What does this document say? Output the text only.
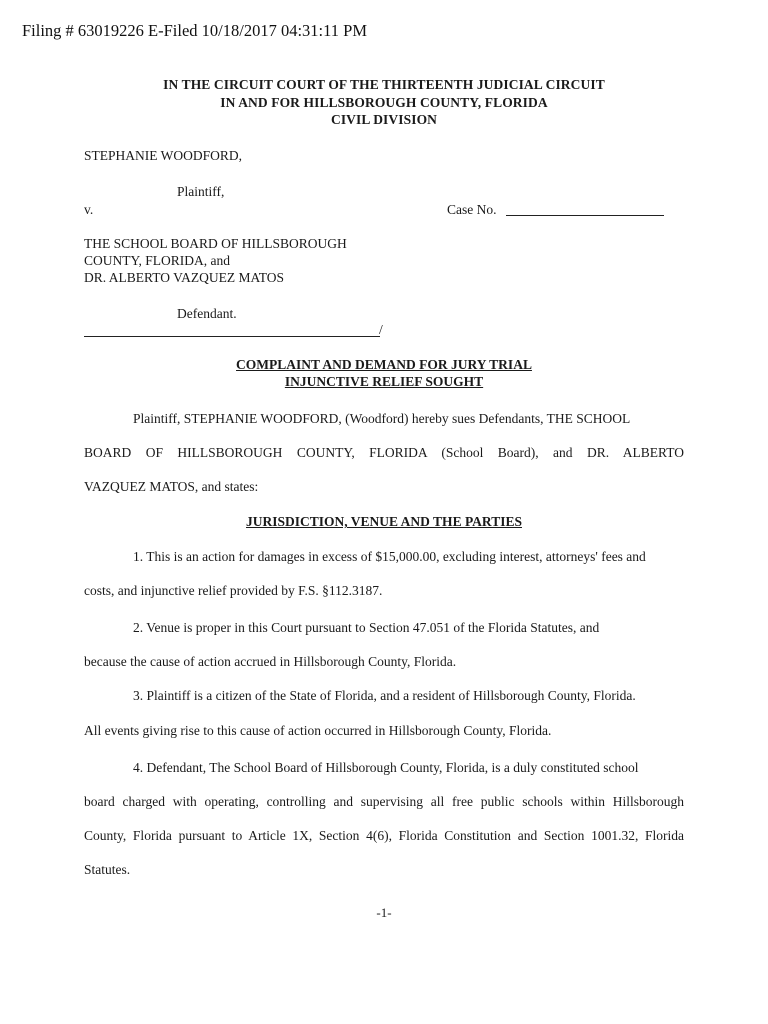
Filing # 63019226 E-Filed 10/18/2017 04:31:11 PM
IN THE CIRCUIT COURT OF THE THIRTEENTH JUDICIAL CIRCUIT
IN AND FOR HILLSBOROUGH COUNTY, FLORIDA
CIVIL DIVISION
STEPHANIE WOODFORD,
Plaintiff,
v.	Case No.
THE SCHOOL BOARD OF HILLSBOROUGH
COUNTY, FLORIDA, and
DR. ALBERTO VAZQUEZ MATOS
Defendant.
/
COMPLAINT AND DEMAND FOR JURY TRIAL
INJUNCTIVE RELIEF SOUGHT
Plaintiff, STEPHANIE WOODFORD, (Woodford) hereby sues Defendants, THE SCHOOL
BOARD OF HILLSBOROUGH COUNTY, FLORIDA (School Board), and DR. ALBERTO
VAZQUEZ MATOS, and states:
JURISDICTION, VENUE AND THE PARTIES
1. This is an action for damages in excess of $15,000.00, excluding interest, attorneys' fees and
costs, and injunctive relief provided by F.S. §112.3187.
2. Venue is proper in this Court pursuant to Section 47.051 of the Florida Statutes, and
because the cause of action accrued in Hillsborough County, Florida.
3. Plaintiff is a citizen of the State of Florida, and a resident of Hillsborough County, Florida.
All events giving rise to this cause of action occurred in Hillsborough County, Florida.
4. Defendant, The School Board of Hillsborough County, Florida, is a duly constituted school
board charged with operating, controlling and supervising all free public schools within Hillsborough
County, Florida pursuant to Article 1X, Section 4(6), Florida Constitution and Section 1001.32, Florida
Statutes.
-1-
